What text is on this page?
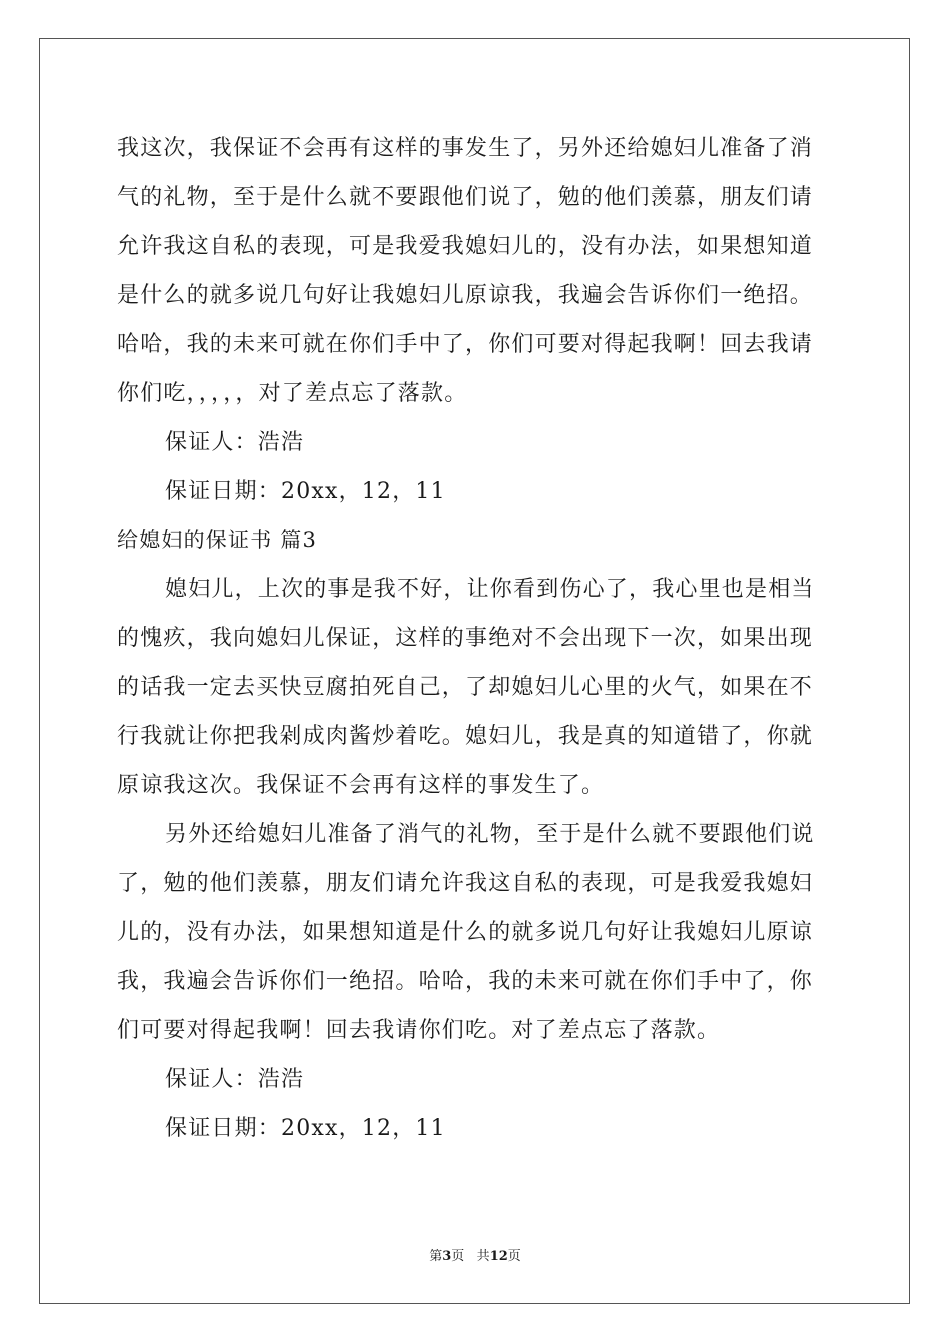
我这次，我保证不会再有这样的事发生了，另外还给媳妇儿准备了消
气的礼物，至于是什么就不要跟他们说了，勉的他们羡慕，朋友们请
允许我这自私的表现，可是我爱我媳妇儿的，没有办法，如果想知道
是什么的就多说几句好让我媳妇儿原谅我，我遍会告诉你们一绝招。
哈哈，我的未来可就在你们手中了，你们可要对得起我啊！回去我请
你们吃，，，，，对了差点忘了落款。
保证人：浩浩
保证日期：20xx，12，11
给媳妇的保证书 篇3
媳妇儿，上次的事是我不好，让你看到伤心了，我心里也是相当
的愧疚，我向媳妇儿保证，这样的事绝对不会出现下一次，如果出现
的话我一定去买快豆腐拍死自己，了却媳妇儿心里的火气，如果在不
行我就让你把我剁成肉酱炒着吃。媳妇儿，我是真的知道错了，你就
原谅我这次。我保证不会再有这样的事发生了。
另外还给媳妇儿准备了消气的礼物，至于是什么就不要跟他们说
了，勉的他们羡慕，朋友们请允许我这自私的表现，可是我爱我媳妇
儿的，没有办法，如果想知道是什么的就多说几句好让我媳妇儿原谅
我，我遍会告诉你们一绝招。哈哈，我的未来可就在你们手中了，你
们可要对得起我啊！回去我请你们吃。对了差点忘了落款。
保证人：浩浩
保证日期：20xx，12，11
第3页 共12页
